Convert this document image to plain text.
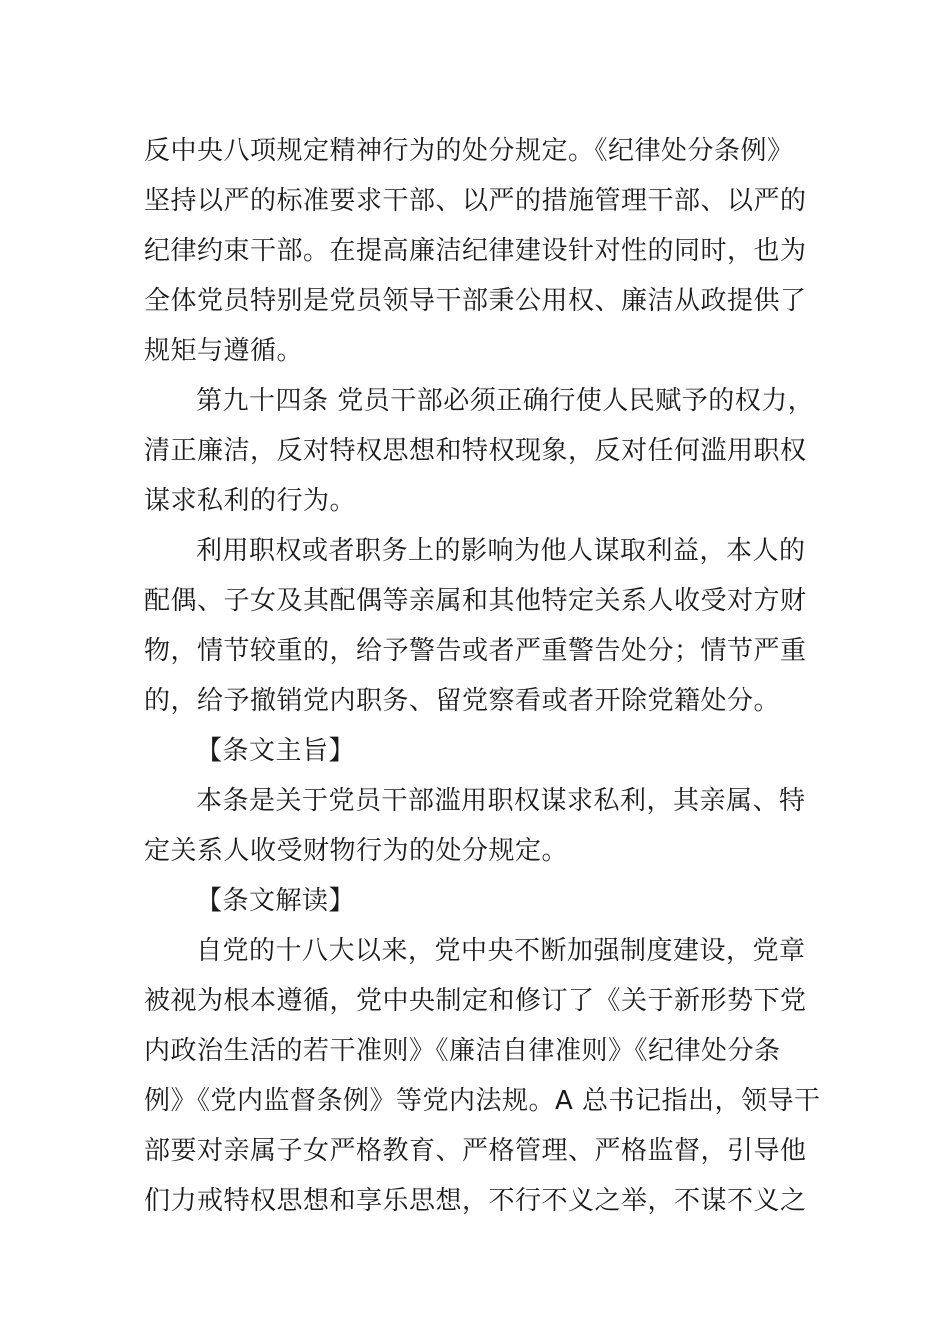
反中央八项规定精神行为的处分规定。《纪律处分条例》
坚持以严的标准要求干部、以严的措施管理干部、以严的
纪律约束干部。在提高廉洁纪律建设针对性的同时，也为
全体党员特别是党员领导干部秉公用权、廉洁从政提供了
规矩与遵循。
第九十四条 党员干部必须正确行使人民赋予的权力，
清正廉洁，反对特权思想和特权现象，反对任何滥用职权
谋求私利的行为。
利用职权或者职务上的影响为他人谋取利益，本人的
配偶、子女及其配偶等亲属和其他特定关系人收受对方财
物，情节较重的，给予警告或者严重警告处分；情节严重
的，给予撤销党内职务、留党察看或者开除党籍处分。
【条文主旨】
本条是关于党员干部滥用职权谋求私利，其亲属、特
定关系人收受财物行为的处分规定。
【条文解读】
自党的十八大以来，党中央不断加强制度建设，党章
被视为根本遵循，党中央制定和修订了《关于新形势下党
内政治生活的若干准则》《廉洁自律准则》《纪律处分条
例》《党内监督条例》等党内法规。A 总书记指出，领导干
部要对亲属子女严格教育、严格管理、严格监督，引导他
们力戒特权思想和享乐思想，不行不义之举，不谋不义之
